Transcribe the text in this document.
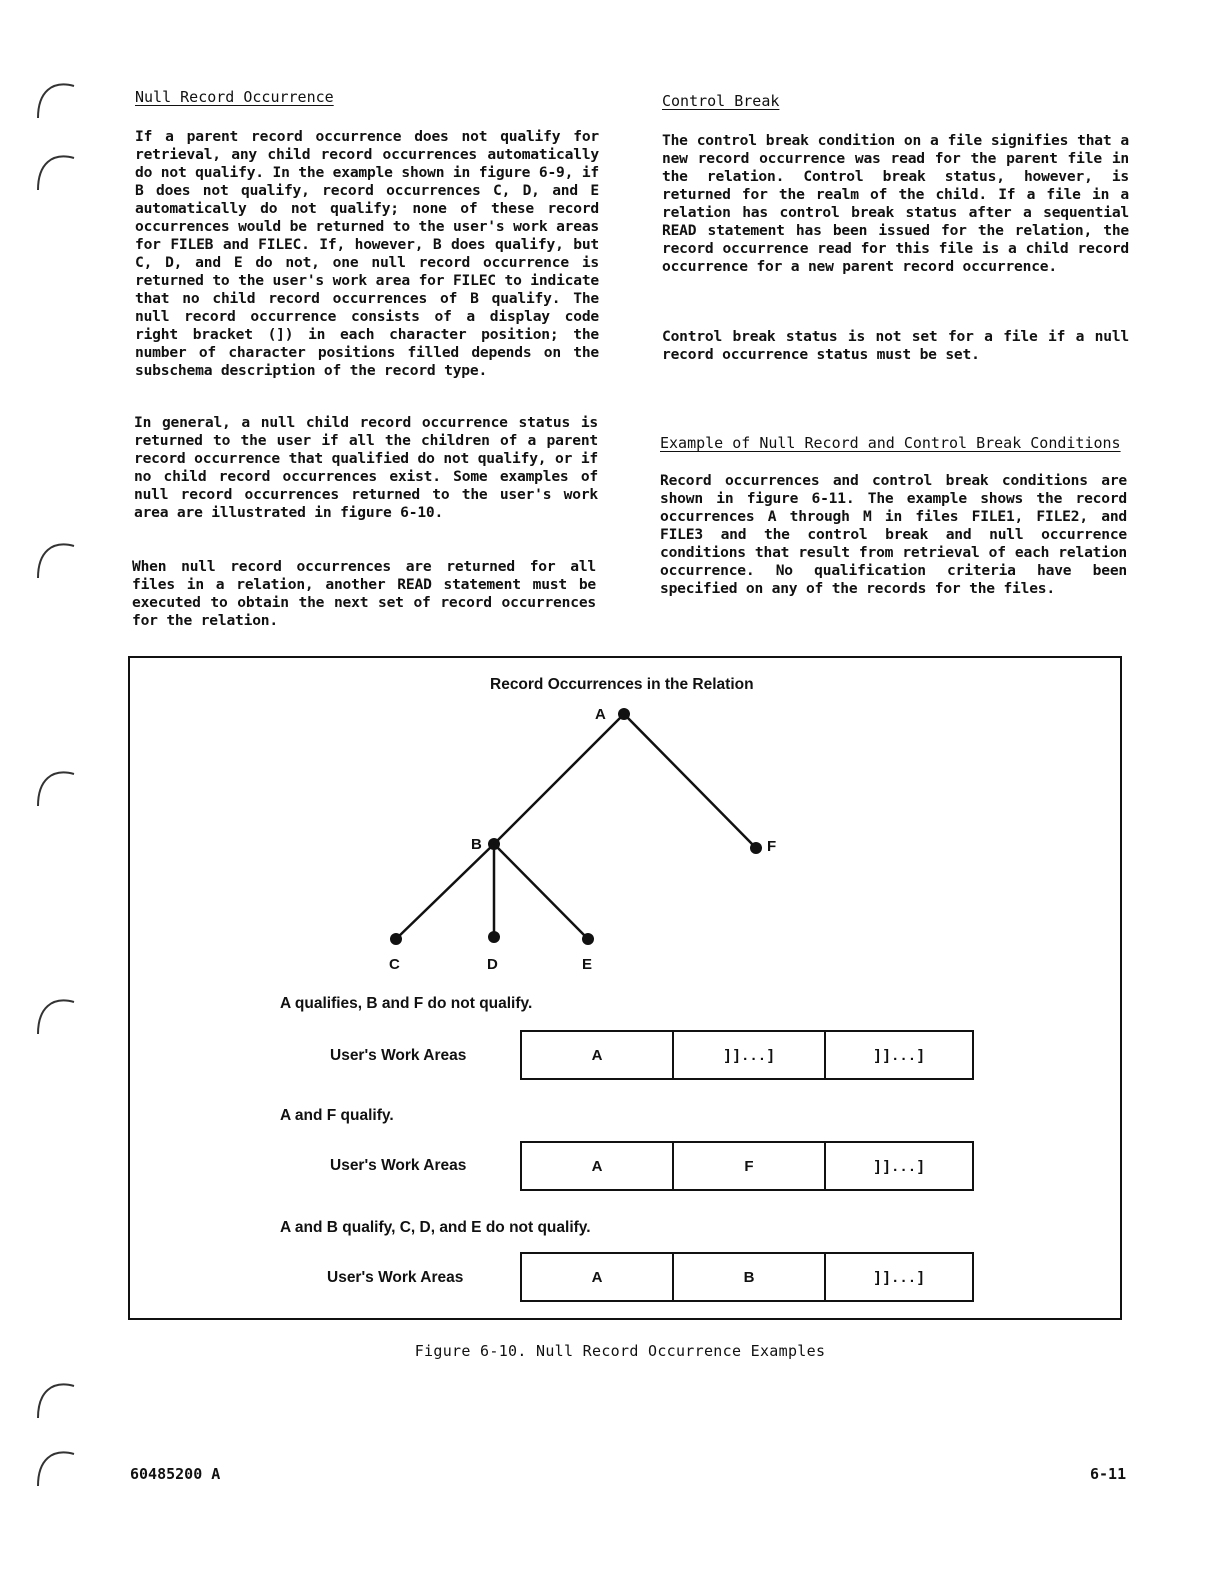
Null Record Occurrence

If a parent record occurrence does not qualify for retrieval, any child record occurrences automatically do not qualify. In the example shown in figure 6-9, if B does not qualify, record occurrences C, D, and E automatically do not qualify; none of these record occurrences would be returned to the user's work areas for FILEB and FILEC. If, however, B does qualify, but C, D, and E do not, one null record occurrence is returned to the user's work area for FILEC to indicate that no child record occurrences of B qualify. The null record occurrence consists of a display code right bracket (]) in each character position; the number of character positions filled depends on the subschema description of the record type.

In general, a null child record occurrence status is returned to the user if all the children of a parent record occurrence that qualified do not qualify, or if no child record occurrences exist. Some examples of null record occurrences returned to the user's work area are illustrated in figure 6-10.

When null record occurrences are returned for all files in a relation, another READ statement must be executed to obtain the next set of record occurrences for the relation.

Control Break

The control break condition on a file signifies that a new record occurrence was read for the parent file in the relation. Control break status, however, is returned for the realm of the child. If a file in a relation has control break status after a sequential READ statement has been issued for the relation, the record occurrence read for this file is a child record occurrence for a new parent record occurrence.

Control break status is not set for a file if a null record occurrence status must be set.

Example of Null Record and Control Break Conditions

Record occurrences and control break conditions are shown in figure 6-11. The example shows the record occurrences A through M in files FILE1, FILE2, and FILE3 and the control break and null occurrence conditions that result from retrieval of each relation occurrence. No qualification criteria have been specified on any of the records for the files.

Record Occurrences in the Relation
A
B	F
C	D	E
A qualifies, B and F do not qualify.
User's Work Areas	A	] ] . . . ]	] ] . . . ]
A and F qualify.
User's Work Areas	A	F	] ] . . . ]
A and B qualify, C, D, and E do not qualify.
User's Work Areas	A	B	] ] . . . ]
Figure 6-10. Null Record Occurrence Examples
60485200 A	6-11
